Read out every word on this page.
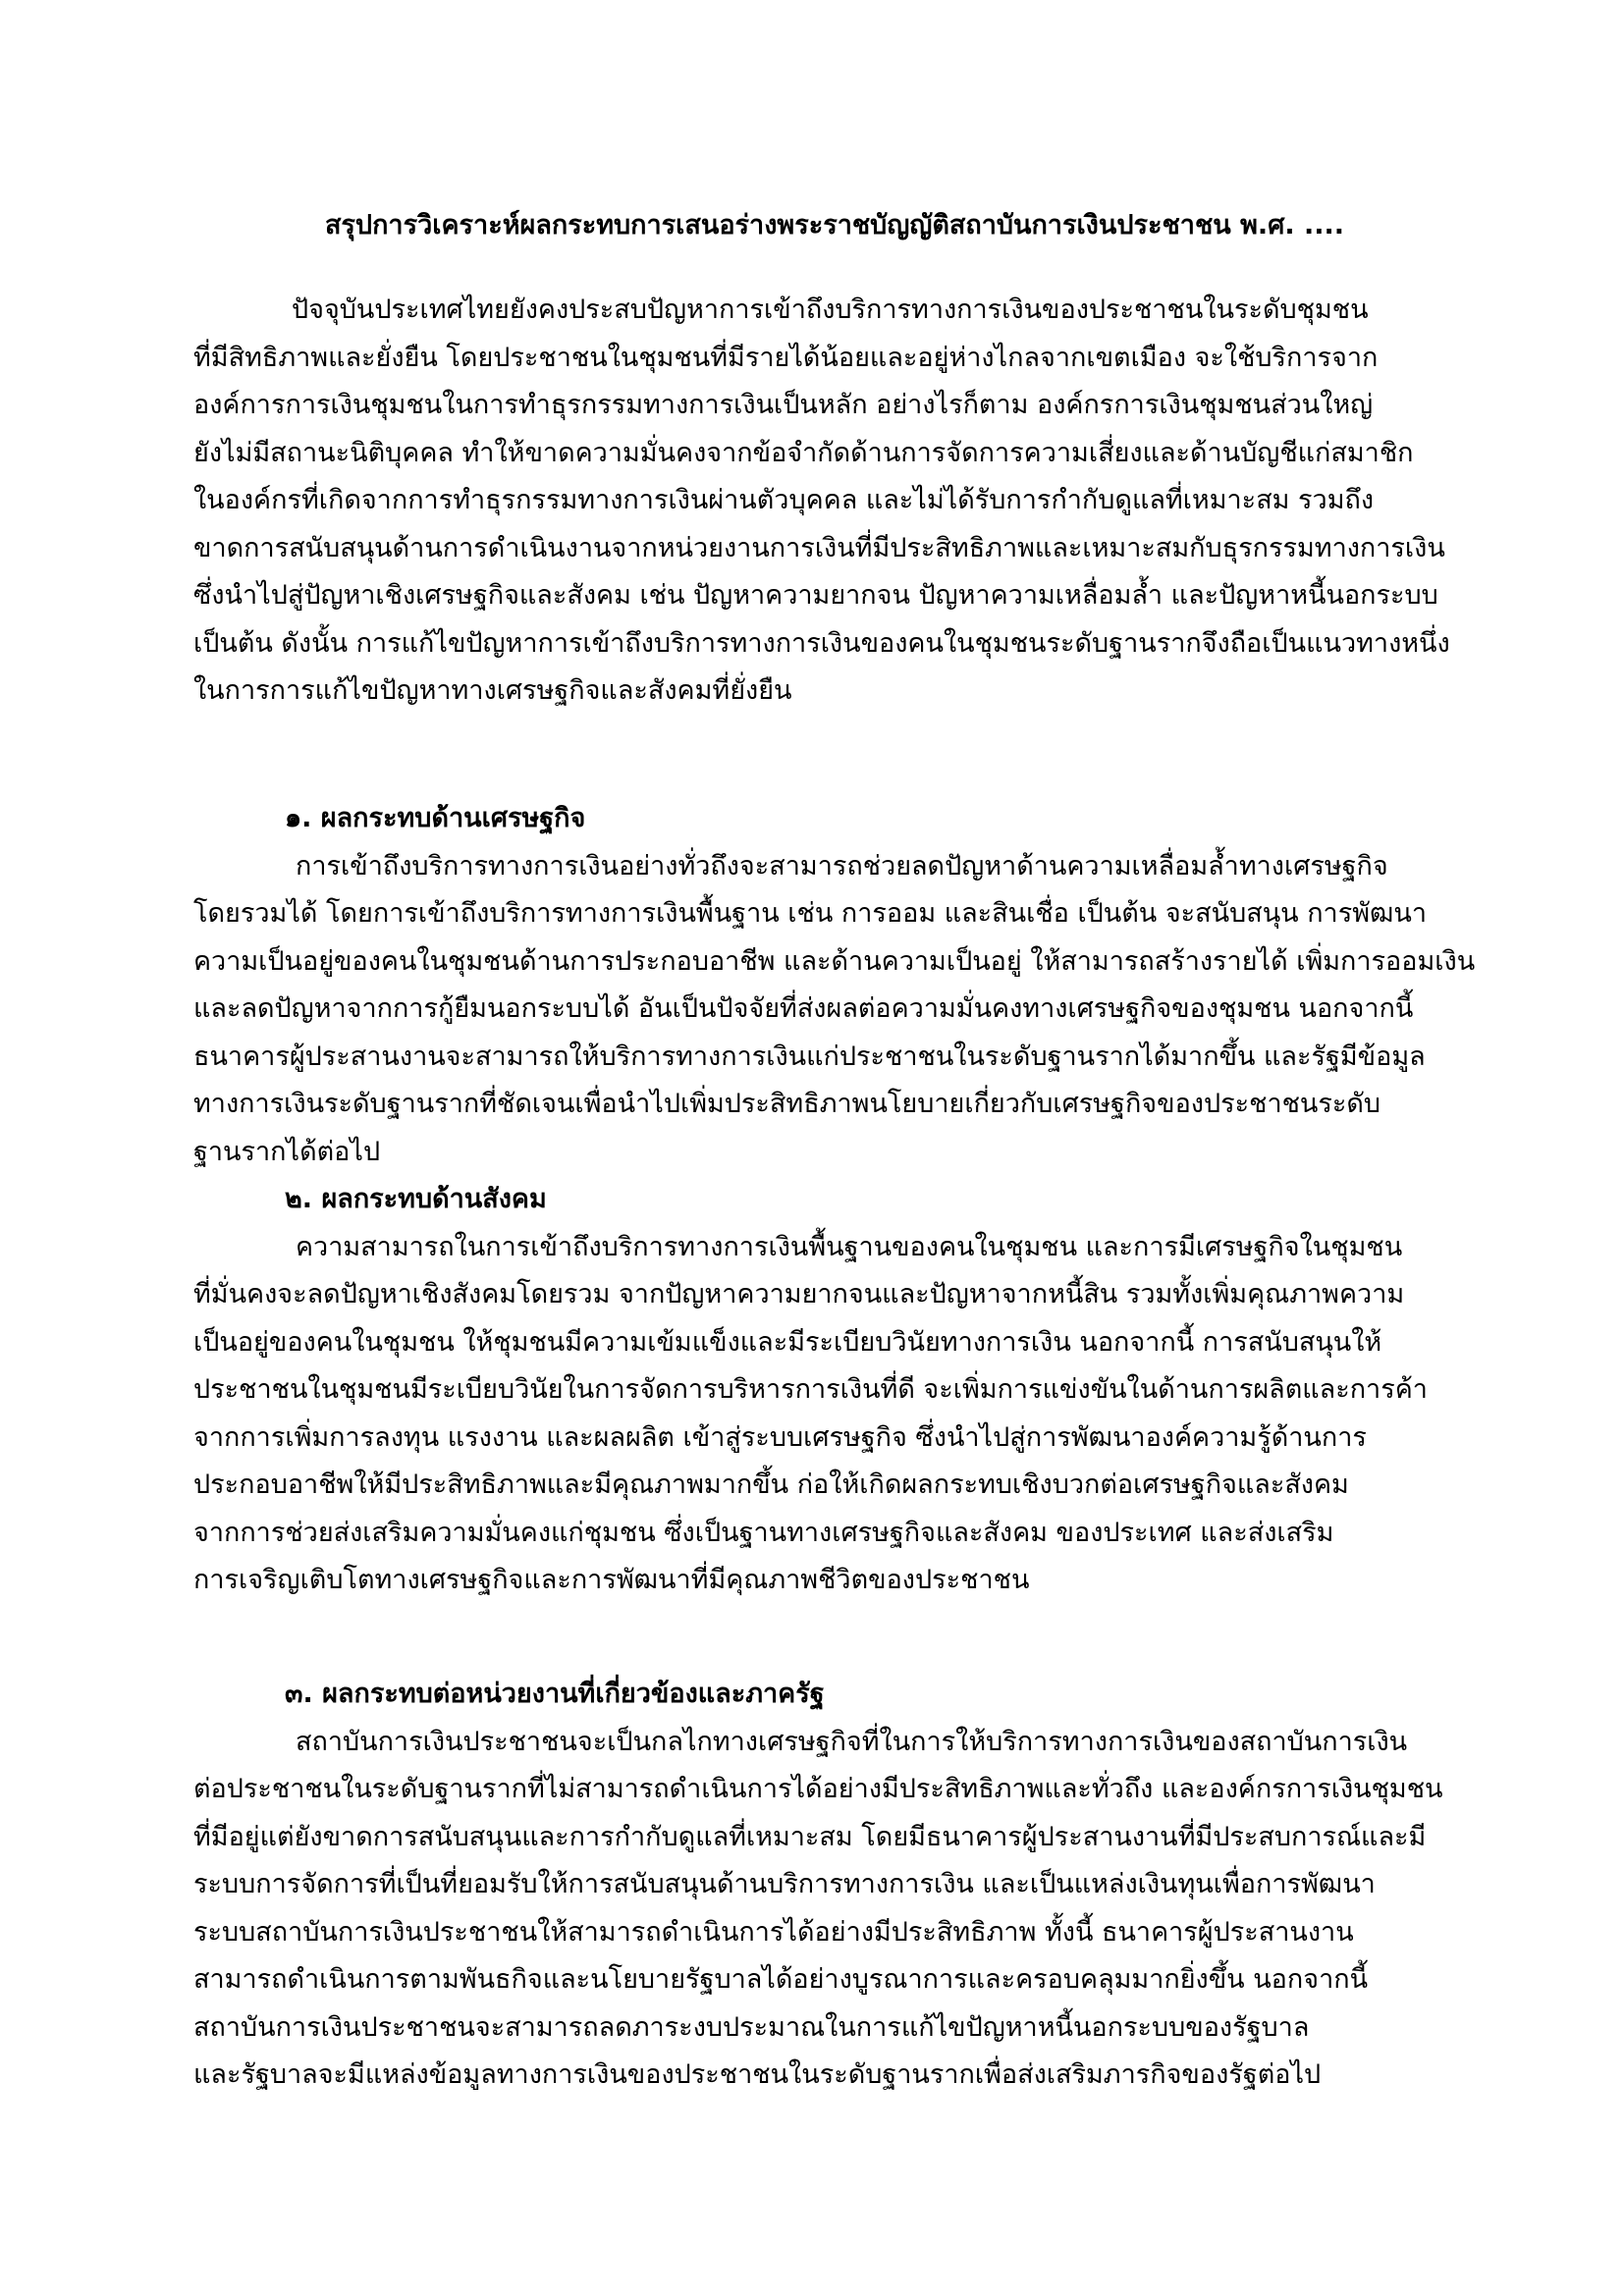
สรุปการวิเคราะห์ผลกระทบการเสนอร่างพระราชบัญญัติสถาบันการเงินประชาชน พ.ศ. ....
ปัจจุบันประเทศไทยยังคงประสบปัญหาการเข้าถึงบริการทางการเงินของประชาชนในระดับชุมชน
ที่มีสิทธิภาพและยั่งยืน โดยประชาชนในชุมชนที่มีรายได้น้อยและอยู่ห่างไกลจากเขตเมือง จะใช้บริการจาก
องค์การการเงินชุมชนในการทำธุรกรรมทางการเงินเป็นหลัก อย่างไรก็ตาม องค์กรการเงินชุมชนส่วนใหญ่
ยังไม่มีสถานะนิติบุคคล ทำให้ขาดความมั่นคงจากข้อจำกัดด้านการจัดการความเสี่ยงและด้านบัญชีแก่สมาชิก
ในองค์กรที่เกิดจากการทำธุรกรรมทางการเงินผ่านตัวบุคคล และไม่ได้รับการกำกับดูแลที่เหมาะสม รวมถึง
ขาดการสนับสนุนด้านการดำเนินงานจากหน่วยงานการเงินที่มีประสิทธิภาพและเหมาะสมกับธุรกรรมทางการเงิน
ซึ่งนำไปสู่ปัญหาเชิงเศรษฐกิจและสังคม เช่น ปัญหาความยากจน ปัญหาความเหลื่อมล้ำ และปัญหาหนี้นอกระบบ
เป็นต้น ดังนั้น การแก้ไขปัญหาการเข้าถึงบริการทางการเงินของคนในชุมชนระดับฐานรากจึงถือเป็นแนวทางหนึ่ง
ในการการแก้ไขปัญหาทางเศรษฐกิจและสังคมที่ยั่งยืน
๑. ผลกระทบด้านเศรษฐกิจ
การเข้าถึงบริการทางการเงินอย่างทั่วถึงจะสามารถช่วยลดปัญหาด้านความเหลื่อมล้ำทางเศรษฐกิจ
โดยรวมได้ โดยการเข้าถึงบริการทางการเงินพื้นฐาน เช่น การออม และสินเชื่อ เป็นต้น จะสนับสนุน การพัฒนา
ความเป็นอยู่ของคนในชุมชนด้านการประกอบอาชีพ และด้านความเป็นอยู่ ให้สามารถสร้างรายได้ เพิ่มการออมเงิน
และลดปัญหาจากการกู้ยืมนอกระบบได้ อันเป็นปัจจัยที่ส่งผลต่อความมั่นคงทางเศรษฐกิจของชุมชน นอกจากนี้
ธนาคารผู้ประสานงานจะสามารถให้บริการทางการเงินแก่ประชาชนในระดับฐานรากได้มากขึ้น และรัฐมีข้อมูล
ทางการเงินระดับฐานรากที่ชัดเจนเพื่อนำไปเพิ่มประสิทธิภาพนโยบายเกี่ยวกับเศรษฐกิจของประชาชนระดับ
ฐานรากได้ต่อไป
๒. ผลกระทบด้านสังคม
ความสามารถในการเข้าถึงบริการทางการเงินพื้นฐานของคนในชุมชน และการมีเศรษฐกิจในชุมชน
ที่มั่นคงจะลดปัญหาเชิงสังคมโดยรวม จากปัญหาความยากจนและปัญหาจากหนี้สิน รวมทั้งเพิ่มคุณภาพความ
เป็นอยู่ของคนในชุมชน ให้ชุมชนมีความเข้มแข็งและมีระเบียบวินัยทางการเงิน นอกจากนี้ การสนับสนุนให้
ประชาชนในชุมชนมีระเบียบวินัยในการจัดการบริหารการเงินที่ดี จะเพิ่มการแข่งขันในด้านการผลิตและการค้า
จากการเพิ่มการลงทุน แรงงาน และผลผลิต เข้าสู่ระบบเศรษฐกิจ ซึ่งนำไปสู่การพัฒนาองค์ความรู้ด้านการ
ประกอบอาชีพให้มีประสิทธิภาพและมีคุณภาพมากขึ้น ก่อให้เกิดผลกระทบเชิงบวกต่อเศรษฐกิจและสังคม
จากการช่วยส่งเสริมความมั่นคงแก่ชุมชน ซึ่งเป็นฐานทางเศรษฐกิจและสังคม ของประเทศ และส่งเสริม
การเจริญเติบโตทางเศรษฐกิจและการพัฒนาที่มีคุณภาพชีวิตของประชาชน
๓. ผลกระทบต่อหน่วยงานที่เกี่ยวข้องและภาครัฐ
สถาบันการเงินประชาชนจะเป็นกลไกทางเศรษฐกิจที่ในการให้บริการทางการเงินของสถาบันการเงิน
ต่อประชาชนในระดับฐานรากที่ไม่สามารถดำเนินการได้อย่างมีประสิทธิภาพและทั่วถึง และองค์กรการเงินชุมชน
ที่มีอยู่แต่ยังขาดการสนับสนุนและการกำกับดูแลที่เหมาะสม โดยมีธนาคารผู้ประสานงานที่มีประสบการณ์และมี
ระบบการจัดการที่เป็นที่ยอมรับให้การสนับสนุนด้านบริการทางการเงิน และเป็นแหล่งเงินทุนเพื่อการพัฒนา
ระบบสถาบันการเงินประชาชนให้สามารถดำเนินการได้อย่างมีประสิทธิภาพ ทั้งนี้ ธนาคารผู้ประสานงาน
สามารถดำเนินการตามพันธกิจและนโยบายรัฐบาลได้อย่างบูรณาการและครอบคลุมมากยิ่งขึ้น นอกจากนี้
สถาบันการเงินประชาชนจะสามารถลดภาระงบประมาณในการแก้ไขปัญหาหนี้นอกระบบของรัฐบาล
และรัฐบาลจะมีแหล่งข้อมูลทางการเงินของประชาชนในระดับฐานรากเพื่อส่งเสริมภารกิจของรัฐต่อไป
